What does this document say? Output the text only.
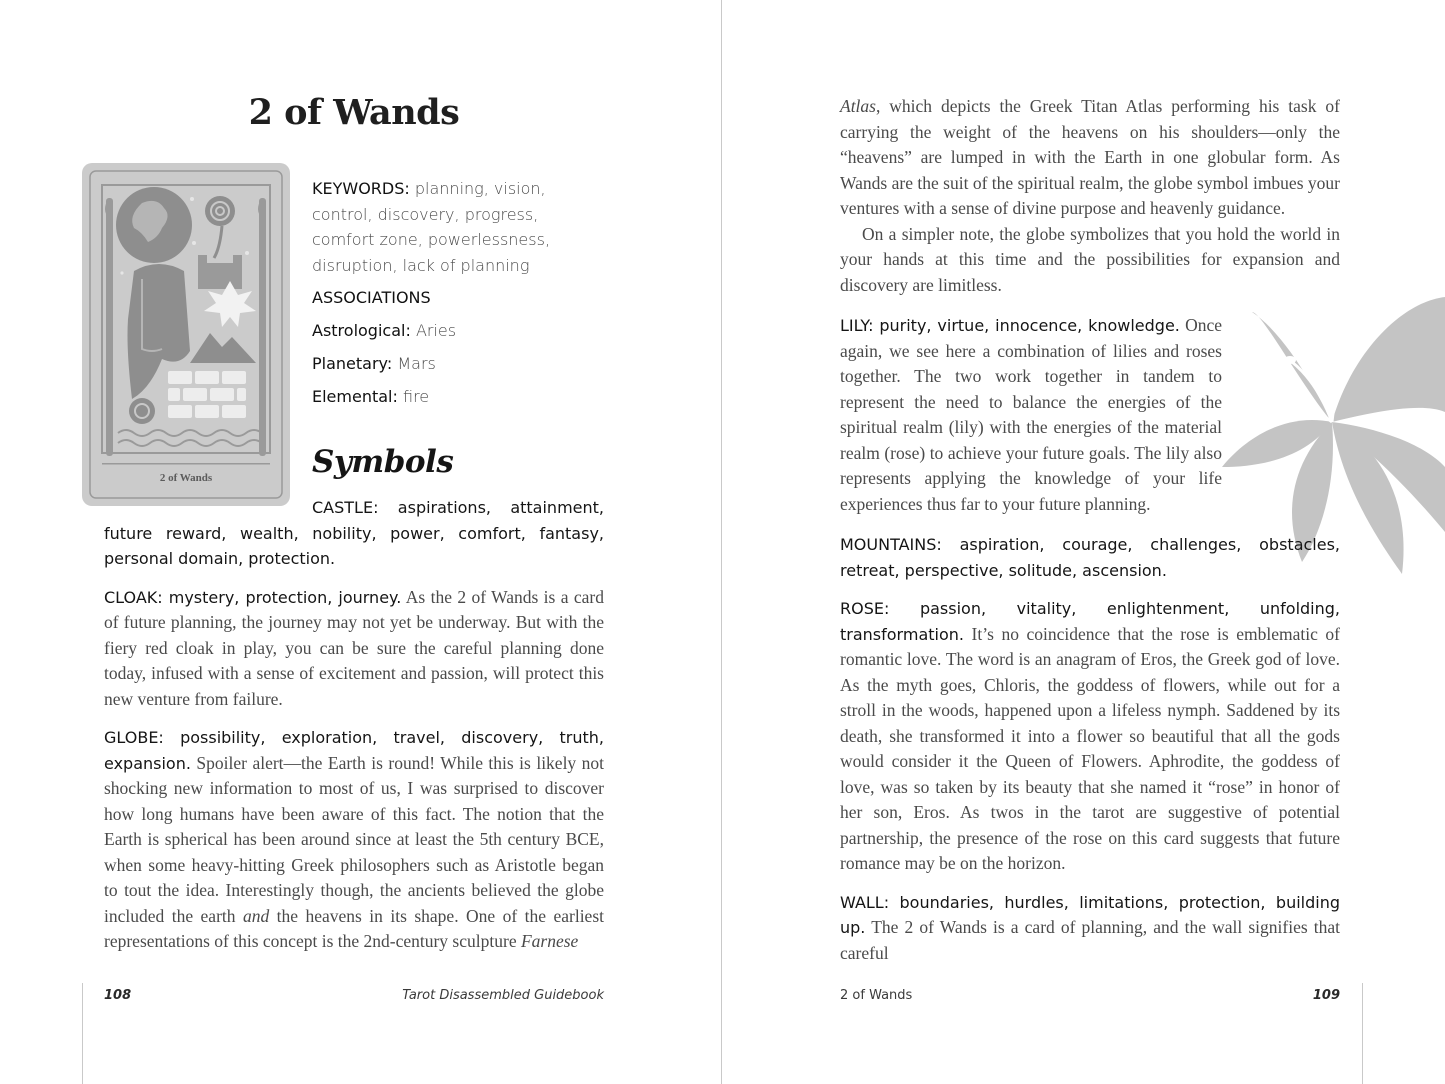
2 of Wands
2 of Wands

KEYWORDS: planning, vision, control, discovery, progress, comfort zone, powerlessness, disruption, lack of planning

ASSOCIATIONS

Astrological: Aries

Planetary: Mars

Elemental: fire

Symbols

CASTLE: aspirations, attainment, future reward, wealth, nobility, power, comfort, fantasy, personal domain, protection.

CLOAK: mystery, protection, journey. As the 2 of Wands is a card of future planning, the journey may not yet be underway. But with the fiery red cloak in play, you can be sure the careful planning done today, infused with a sense of excitement and passion, will protect this new venture from failure.

GLOBE: possibility, exploration, travel, discovery, truth, expansion. Spoiler alert—the Earth is round! While this is likely not shocking new information to most of us, I was surprised to discover how long humans have been aware of this fact. The notion that the Earth is spherical has been around since at least the 5th century BCE, when some heavy-hitting Greek philosophers such as Aristotle began to tout the idea. Interestingly though, the ancients believed the globe included the earth and the heavens in its shape. One of the earliest representations of this concept is the 2nd-century sculpture Farnese

108	Tarot Disassembled Guidebook

Atlas, which depicts the Greek Titan Atlas performing his task of carrying the weight of the heavens on his shoulders—only the “heavens” are lumped in with the Earth in one globular form. As Wands are the suit of the spiritual realm, the globe symbol imbues your ventures with a sense of divine purpose and heavenly guidance.

On a simpler note, the globe symbolizes that you hold the world in your hands at this time and the possibilities for expansion and discovery are limitless.

LILY: purity, virtue, innocence, knowledge. Once again, we see here a combination of lilies and roses together. The two work together in tandem to represent the need to balance the energies of the spiritual realm (lily) with the energies of the material realm (rose) to achieve your future goals. The lily also represents applying the knowledge of your life experiences thus far to your future planning.

MOUNTAINS: aspiration, courage, challenges, obstacles, retreat, perspective, solitude, ascension.

ROSE: passion, vitality, enlightenment, unfolding, transformation. It’s no coincidence that the rose is emblematic of romantic love. The word is an anagram of Eros, the Greek god of love. As the myth goes, Chloris, the goddess of flowers, while out for a stroll in the woods, happened upon a lifeless nymph. Saddened by its death, she transformed it into a flower so beautiful that all the gods would consider it the Queen of Flowers. Aphrodite, the goddess of love, was so taken by its beauty that she named it “rose” in honor of her son, Eros. As twos in the tarot are suggestive of potential partnership, the presence of the rose on this card suggests that future romance may be on the horizon.

WALL: boundaries, hurdles, limitations, protection, building up. The 2 of Wands is a card of planning, and the wall signifies that careful

2 of Wands	109
